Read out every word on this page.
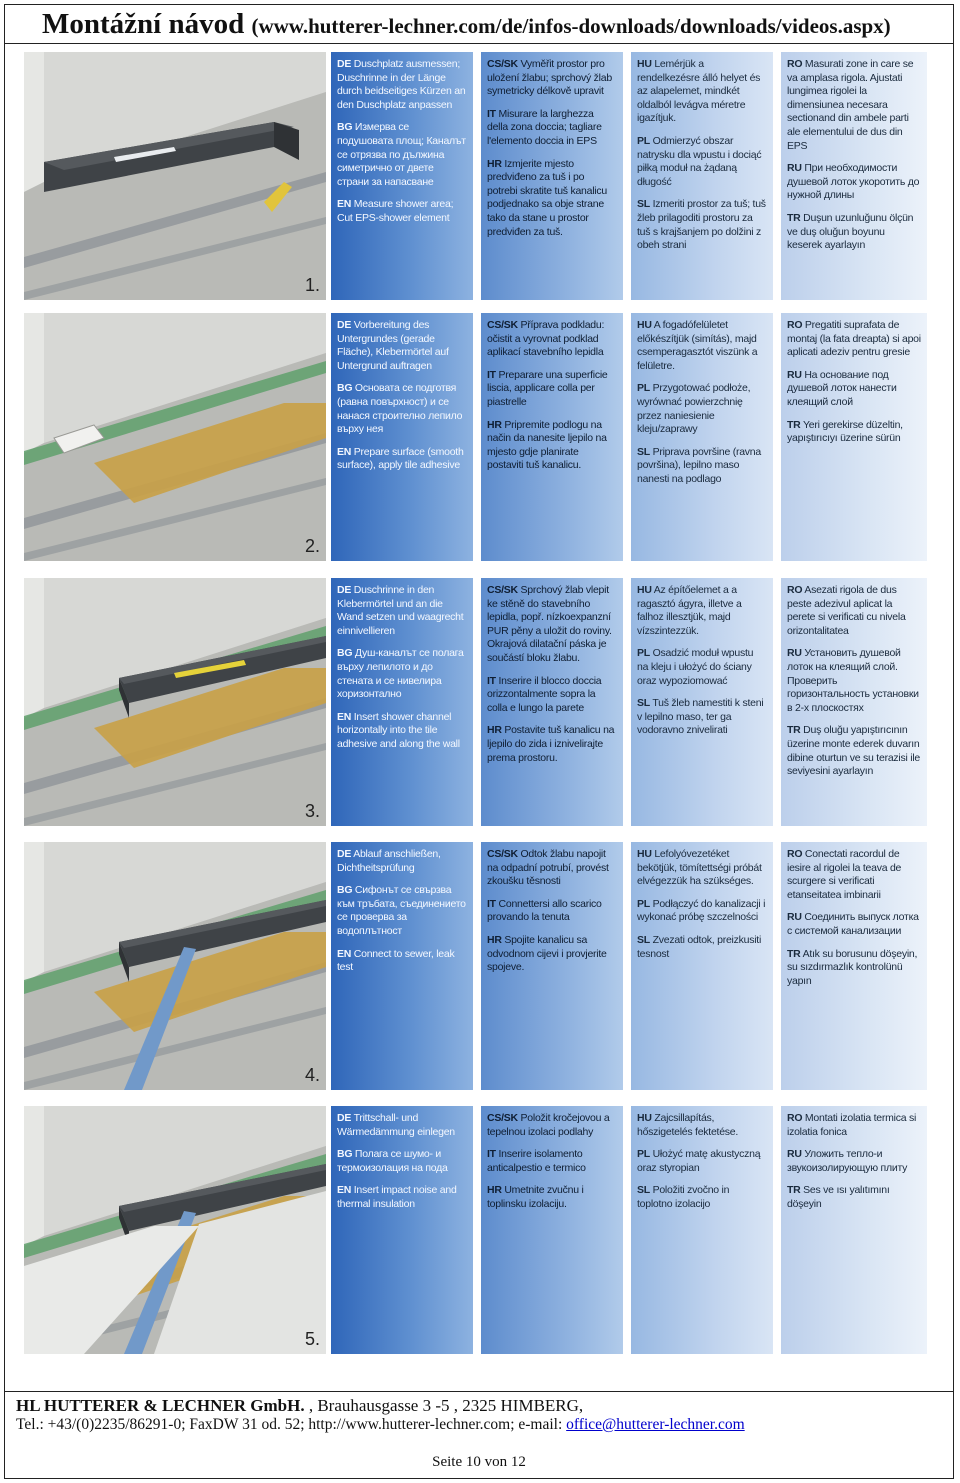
Montážní návod (www.hutterer-lechner.com/de/infos-downloads/downloads/videos.aspx)
1.

DE Duschplatz ausmessen; Duschrinne in der Länge durch beidseitiges Kürzen an den Duschplatz anpassen

BG Измерва се подушовата площ; Каналът се отрязва по дължина симетрично от двете страни за напасване

EN Measure shower area; Cut EPS-shower element

CS/SK Vyměřit prostor pro uložení žlabu; sprchový žlab symetricky délkově upravit

IT Misurare la larghezza della zona doccia; tagliare l'elemento doccia in EPS

HR Izmjerite mjesto predviđeno za tuš i po potrebi skratite tuš kanalicu podjednako sa obje strane tako da stane u prostor predviđen za tuš.

HU Lemérjük a rendelkezésre álló helyet és az alapelemet, mindkét oldalból levágva méretre igazítjuk.

PL Odmierzyć obszar natrysku dla wpustu i dociąć piłką moduł na żądaną długość

SL Izmeriti prostor za tuš; tuš žleb prilagoditi prostoru za tuš s krajšanjem po dolžini z obeh strani

RO Masurati zone in care se va amplasa rigola. Ajustati lungimea rigolei la dimensiunea necesara sectionand din ambele parti ale elementului de dus din EPS

RU При необходимости душевой лоток укоротить до нужной длины

TR Duşun uzunluğunu ölçün ve duş oluğun boyunu keserek ayarlayın

2.

DE Vorbereitung des Untergrundes (gerade Fläche), Klebermörtel auf Untergrund auftragen

BG Основата се подготвя (равна повърхност) и се нанася строително лепило върху нея

EN Prepare surface (smooth surface), apply tile adhesive

CS/SK Příprava podkladu: očistit a vyrovnat podklad aplikací stavebního lepidla

IT Preparare una superficie liscia, applicare colla per piastrelle

HR Pripremite podlogu na način da nanesite ljepilo na mjesto gdje planirate postaviti tuš kanalicu.

HU A fogadófelületet előkészítjük (simítás), majd csemperagasztót viszünk a felületre.

PL Przygotować podłoże, wyrównać powierzchnię przez naniesienie kleju/zaprawy

SL Priprava površine (ravna površina), lepilno maso nanesti na podlago

RO Pregatiti suprafata de montaj (la fata dreapta) si apoi aplicati adeziv pentru gresie

RU На основание под душевой лоток нанести клеящий слой

TR Yeri gerekirse düzeltin, yapıştırıcıyı üzerine sürün

3.

DE Duschrinne in den Klebermörtel und an die Wand setzen und waagrecht einnivellieren

BG Душ-каналът се полага върху лепилото и до стената и се нивелира хоризонтално

EN Insert shower channel horizontally into the tile adhesive and along the wall

CS/SK Sprchový žlab vlepit ke stěně do stavebního lepidla, popř. nízkoexpanzní PUR pěny a uložit do roviny. Okrajová dilatační páska je součástí bloku žlabu.

IT Inserire il blocco doccia orizzontalmente sopra la colla e lungo la parete

HR Postavite tuš kanalicu na ljepilo do zida i iznivelirajte prema prostoru.

HU Az építőelemet a a ragasztó ágyra, illetve a falhoz illesztjük, majd vízszintezzük.

PL Osadzić moduł wpustu na kleju i ułożyć do ściany oraz wypoziomować

SL Tuš žleb namestiti k steni v lepilno maso, ter ga vodoravno znivelirati

RO Asezati rigola de dus peste adezivul aplicat la perete si verificati cu nivela orizontalitatea

RU Установить душевой лоток на клеящий слой. Проверить горизонтальность установки в 2-х плоскостях

TR Duş oluğu yapıştırıcının üzerine monte ederek duvarın dibine oturtun ve su terazisi ile seviyesini ayarlayın

4.

DE Ablauf anschließen, Dichtheitsprüfung

BG Сифонът се свързва към тръбата, съединението се проверва за водоплътност

EN Connect to sewer, leak test

CS/SK Odtok žlabu napojit na odpadní potrubí, provést zkoušku těsnosti

IT Connettersi allo scarico provando la tenuta

HR Spojite kanalicu sa odvodnom cijevi i provjerite spojeve.

HU Lefolyóvezetéket bekötjük, tömítettségi próbát elvégezzük ha szükséges.

PL Podłączyć do kanalizacji i wykonać próbę szczelności

SL Zvezati odtok, preizkusiti tesnost

RO Conectati racordul de iesire al rigolei la teava de scurgere si verificati etanseitatea imbinarii

RU Соединить выпуск лотка с системой канализации

TR Atık su borusunu döşeyin, su sızdırmazlık kontrolünü yapın

5.

DE Trittschall- und Wärmedämmung einlegen

BG Полага се шумо- и термоизолация на пода

EN Insert impact noise and thermal insulation

CS/SK Položit kročejovou a tepelnou izolaci podlahy

IT Inserire isolamento anticalpestio e termico

HR Umetnite zvučnu i toplinsku izolaciju.

HU Zajcsillapítás, hőszigetelés fektetése.

PL Ułożyć matę akustyczną oraz styropian

SL Položiti zvočno in toplotno izolacijo

RO Montati izolatia termica si izolatia fonica

RU Уложить тепло-и звукоизолирующую плиту

TR Ses ve ısı yalıtımını döşeyin

HL HUTTERER & LECHNER GmbH. , Brauhausgasse 3 -5 , 2325 HIMBERG,
Tel.: +43/(0)2235/86291-0; FaxDW 31 od. 52; http://www.hutterer-lechner.com; e-mail: office@hutterer-lechner.com
Seite 10 von 12
